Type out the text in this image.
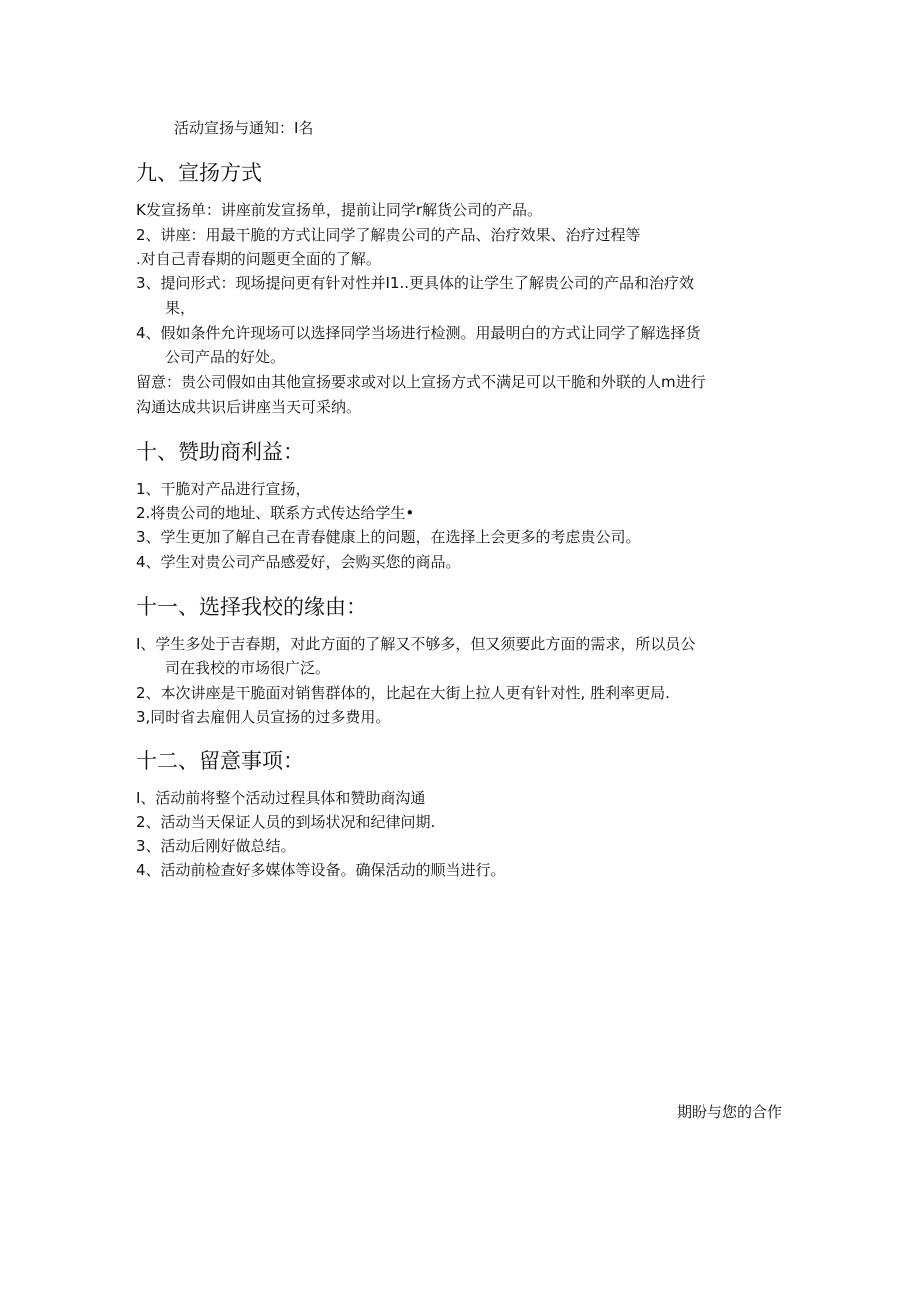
活动宣扬与通知：I名
九、宣扬方式
K发宣扬单：讲座前发宣扬单，提前让同学r解货公司的产品。
2、讲座：用最干脆的方式让同学了解贵公司的产品、治疗效果、治疗过程等
.对自己青春期的问题更全面的了解。
3、提问形式：现场提问更有针对性并I1..更具体的让学生了解贵公司的产品和治疗效
果，
4、假如条件允许现场可以选择同学当场进行检测。用最明白的方式让同学了解选择货
公司产品的好处。
留意：贵公司假如由其他宣扬要求或对以上宣扬方式不满足可以干脆和外联的人m进行
沟通达成共识后讲座当天可采纳。
十、赞助商利益：
1、干脆对产品进行宣扬，
2.将贵公司的地址、联系方式传达给学生•
3、学生更加了解自己在青春健康上的问题，在选择上会更多的考虑贵公司。
4、学生对贵公司产品感爱好，会购买您的商品。
十一、选择我校的缘由：
I、学生多处于吉春期，对此方面的了解又不够多，但又须要此方面的需求，所以员公
司在我校的市场很广泛。
2、本次讲座是干脆面对销售群体的，比起在大街上拉人更有针对性, 胜利率更局.
3,同时省去雇佣人员宣扬的过多费用。
十二、留意事项：
I、活动前将整个活动过程具体和赞助商沟通
2、活动当天保证人员的到场状况和纪律问期.
3、活动后刚好做总结。
4、活动前检查好多媒体等设备。确保活动的顺当进行。
期盼与您的合作
